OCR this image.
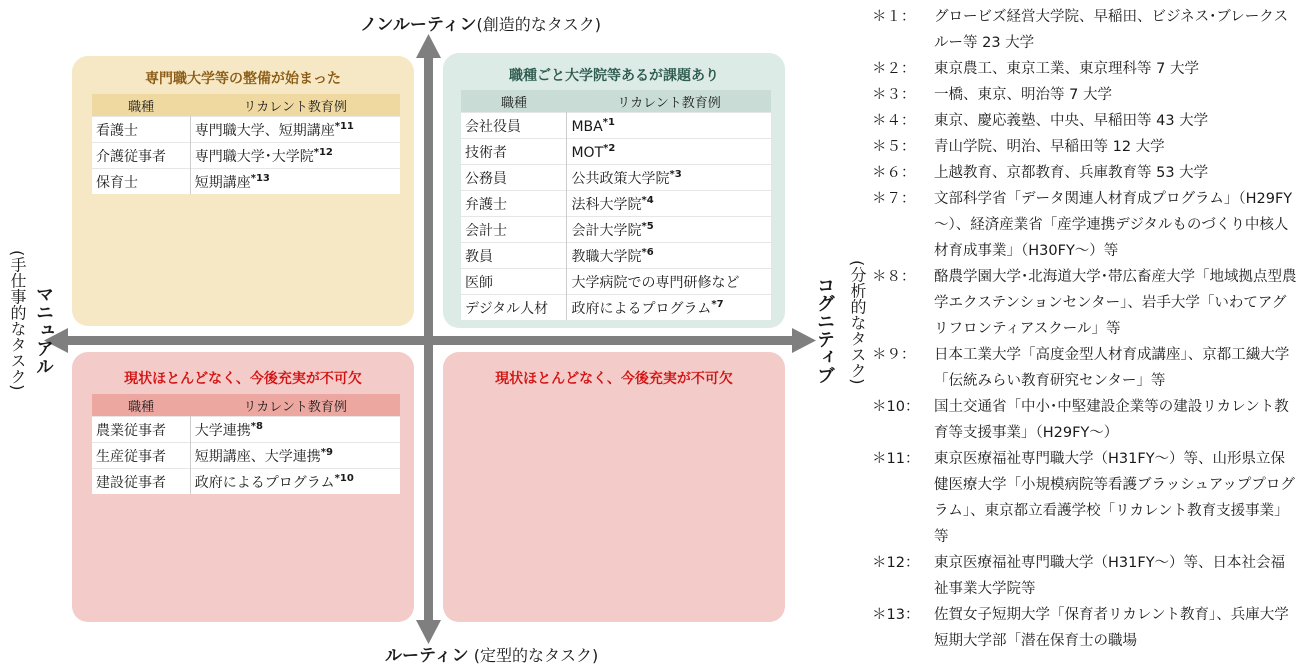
専門職大学等の整備が始まった
職種	リカレント教育例
看護士	専門職大学、短期講座$^{*11}$
介護従事者	専門職大学･大学院$^{*12}$
保育士	短期講座$^{*13}$
職種ごと大学院等あるが課題あり
職種	リカレント教育例
会社役員	MBA$^{*1}$
技術者	MOT$^{*2}$
公務員	公共政策大学院$^{*3}$
弁護士	法科大学院$^{*4}$
会計士	会計大学院$^{*5}$
教員	教職大学院$^{*6}$
医師	大学病院での専門研修など
デジタル人材	政府によるプログラム$^{*7}$
現状ほとんどなく、今後充実が不可欠
職種	リカレント教育例
農業従事者	大学連携$^{*8}$
生産従事者	短期講座、大学連携$^{*9}$
建設従事者	政府によるプログラム$^{*10}$
現状ほとんどなく、今後充実が不可欠
ノンルーティン(創造的なタスク)
ルーティン (定型的なタスク)
(手仕事的なタスク) マニュアル	コグニティブ (分析的なタスク)
＊１：	グロービズ経営大学院、早稲田、ビジネス･ブレークスルー等 23 大学
＊２：	東京農工、東京工業、東京理科等 7 大学
＊３：	一橋、東京、明治等 7 大学
＊４：	東京、慶応義塾、中央、早稲田等 43 大学
＊５：	青山学院、明治、早稲田等 12 大学
＊６：	上越教育、京都教育、兵庫教育等 53 大学
＊７：	文部科学省「データ関連人材育成プログラム」（H29FY～）、経済産業省「産学連携デジタルものづくり中核人材育成事業」（H30FY～）等
＊８：	酪農学園大学･北海道大学･帯広畜産大学「地域拠点型農学エクステンションセンター」、岩手大学「いわてアグリフロンティアスクール」等
＊９：	日本工業大学「高度金型人材育成講座」、京都工繊大学「伝統みらい教育研究センター」等
＊10：	国土交通省「中小･中堅建設企業等の建設リカレント教育等支援事業」（H29FY～）
＊11：	東京医療福祉専門職大学（H31FY～）等、山形県立保健医療大学「小規模病院等看護ブラッシュアッププログラム」、東京都立看護学校「リカレント教育支援事業」等
＊12：	東京医療福祉専門職大学（H31FY～）等、日本社会福祉事業大学院等
＊13：	佐賀女子短期大学「保育者リカレント教育」、兵庫大学短期大学部「潜在保育士の職場
